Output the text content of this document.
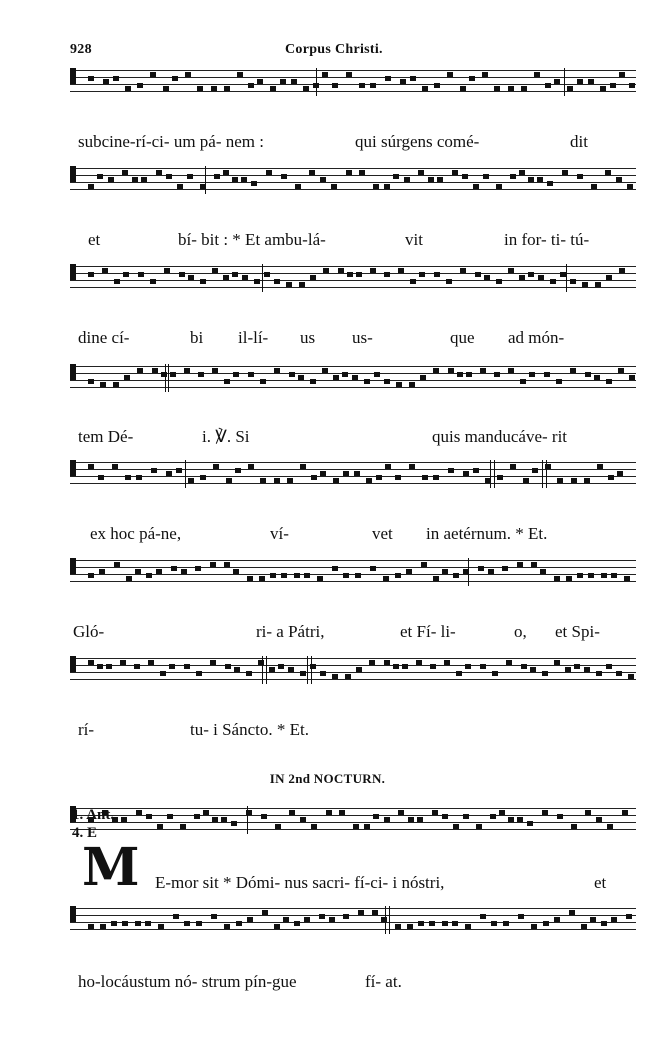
928	Corpus Christi.
subcine-rí-ci- um pá- nem :	qui súrgens comé-	dit
et	bí- bit : * Et ambu-lá-	vit	in for- ti- tú-
dine cí-	bi il-lí- us us-	que ad món-
tem Dé-	i. ℣. Si	quis manducáve- rit
ex hoc pá-ne,	ví-	vet in aetérnum. * Et.
Gló-	ri- a Pátri,	et Fí- li-	o, et Spi-
rí-	tu- i Sáncto. * Et.
E-mor sit * Dómi- nus sacri- fí-ci- i nóstri,	et
ho-locáustum nó- strum pín-gue	fí- at.
IN 2nd NOCTURN.
1. Ant.
4. E
M
